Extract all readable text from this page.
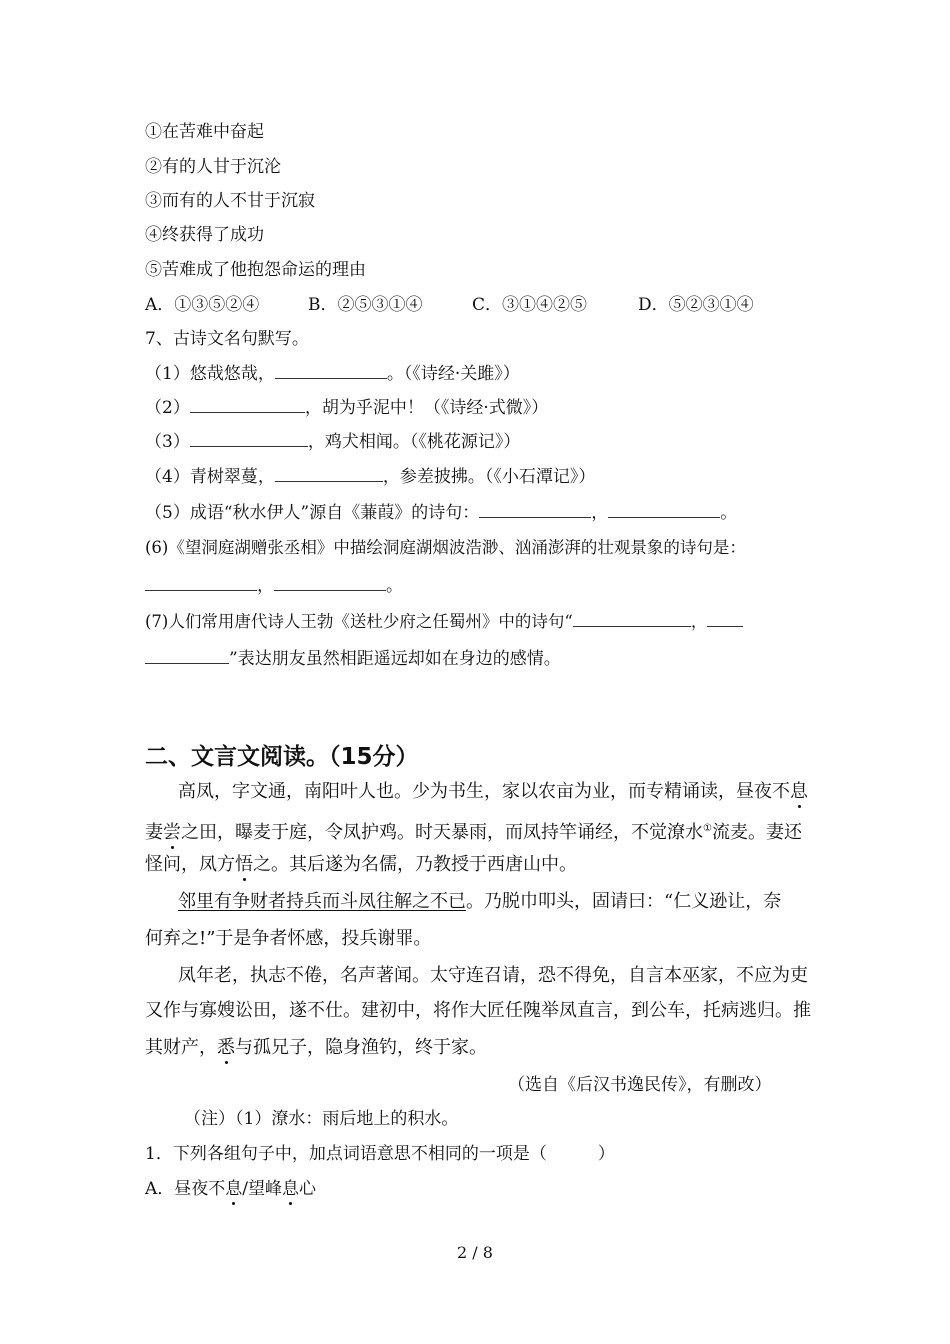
①在苦难中奋起
②有的人甘于沉沦
③而有的人不甘于沉寂
④终获得了成功
⑤苦难成了他抱怨命运的理由
A．①③⑤②④	B．②⑤③①④	C．③①④②⑤	D．⑤②③①④
7、古诗文名句默写。
（1）悠哉悠哉，	。（《诗经·关雎》）
（2）	，胡为乎泥中！（《诗经·式微》）
（3）	，鸡犬相闻。（《桃花源记》）
（4）青树翠蔓，	，参差披拂。（《小石潭记》）
（5）成语“秋水伊人”源自《蒹葭》的诗句：	，	。
(6)《望洞庭湖赠张丞相》中描绘洞庭湖烟波浩渺、汹涌澎湃的壮观景象的诗句是：
，	。
(7)人们常用唐代诗人王勃《送杜少府之任蜀州》中的诗句“	，
”表达朋友虽然相距遥远却如在身边的感情。
二、文言文阅读。（15分）
高凤，字文通，南阳叶人也。少为书生，家以农亩为业，而专精诵读，昼夜不息
妻尝之田，曝麦于庭，令凤护鸡。时天暴雨，而凤持竿诵经，不觉潦水①流麦。妻还
怪问，凤方悟之。其后遂为名儒，乃教授于西唐山中。
邻里有争财者持兵而斗凤往解之不已。乃脱巾叩头，固请曰：“仁义逊让，奈
何弃之!”于是争者怀感，投兵谢罪。
凤年老，执志不倦，名声著闻。太守连召请，恐不得免，自言本巫家，不应为吏
又作与寡嫂讼田，遂不仕。建初中，将作大匠任隗举凤直言，到公车，托病逃归。推
其财产，悉与孤兄子，隐身渔钓，终于家。
（选自《后汉书逸民传》，有删改）
（注）（1）潦水：雨后地上的积水。
1．下列各组句子中，加点词语意思不相同的一项是（　　　）
A．昼夜不息/望峰息心
2 / 8
